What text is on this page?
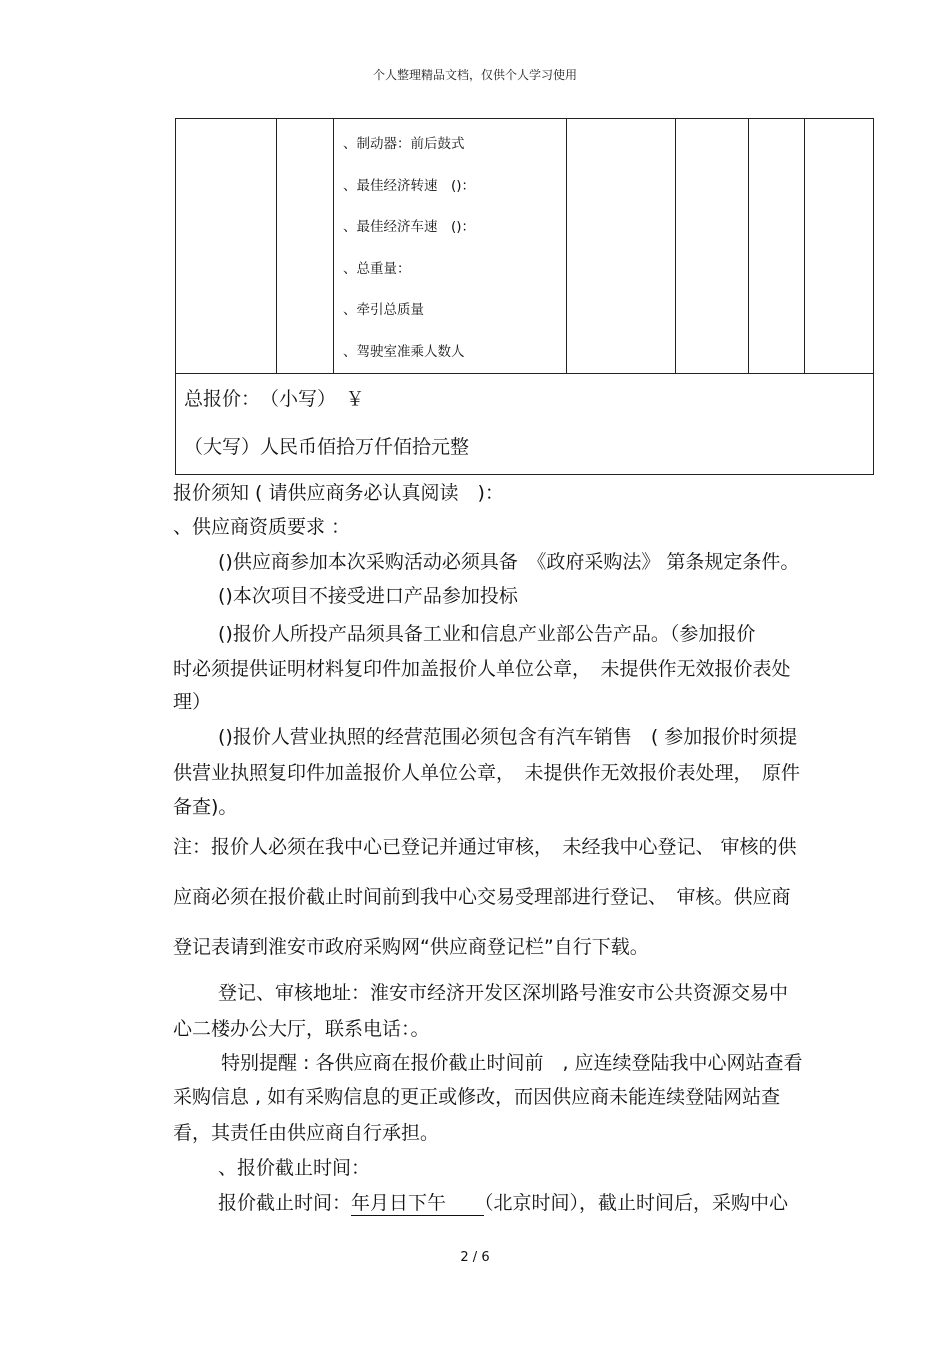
个人整理精品文档，仅供个人学习使用

、制动器：前后鼓式
、最佳经济转速　()：
、最佳经济车速　()：
、总重量：
、牵引总质量
、驾驶室准乘人数人

总报价：　（小写）　￥
（大写）人民币佰拾万仟佰拾元整
报价须知 ( 请供应商务必认真阅读　)：
、供应商资质要求 ：
()供应商参加本次采购活动必须具备　《政府采购法》 第条规定条件。
()本次项目不接受进口产品参加投标
()报价人所投产品须具备工业和信息产业部公告产品。（参加报价
时必须提供证明材料复印件加盖报价人单位公章，　未提供作无效报价表处
理）
()报价人营业执照的经营范围必须包含有汽车销售　( 参加报价时须提
供营业执照复印件加盖报价人单位公章，　未提供作无效报价表处理，　原件
备查)。
注：报价人必须在我中心已登记并通过审核，　未经我中心登记、 审核的供
应商必须在报价截止时间前到我中心交易受理部进行登记、　审核。供应商
登记表请到淮安市政府采购网“供应商登记栏”自行下载。
登记、审核地址：淮安市经济开发区深圳路号淮安市公共资源交易中
心二楼办公大厅，联系电话：。
特别提醒 : 各供应商在报价截止时间前　, 应连续登陆我中心网站查看
采购信息 , 如有采购信息的更正或修改，而因供应商未能连续登陆网站查
看，其责任由供应商自行承担。
、报价截止时间：
报价截止时间：年月日下午　　 （北京时间），截止时间后，采购中心
2 / 6
